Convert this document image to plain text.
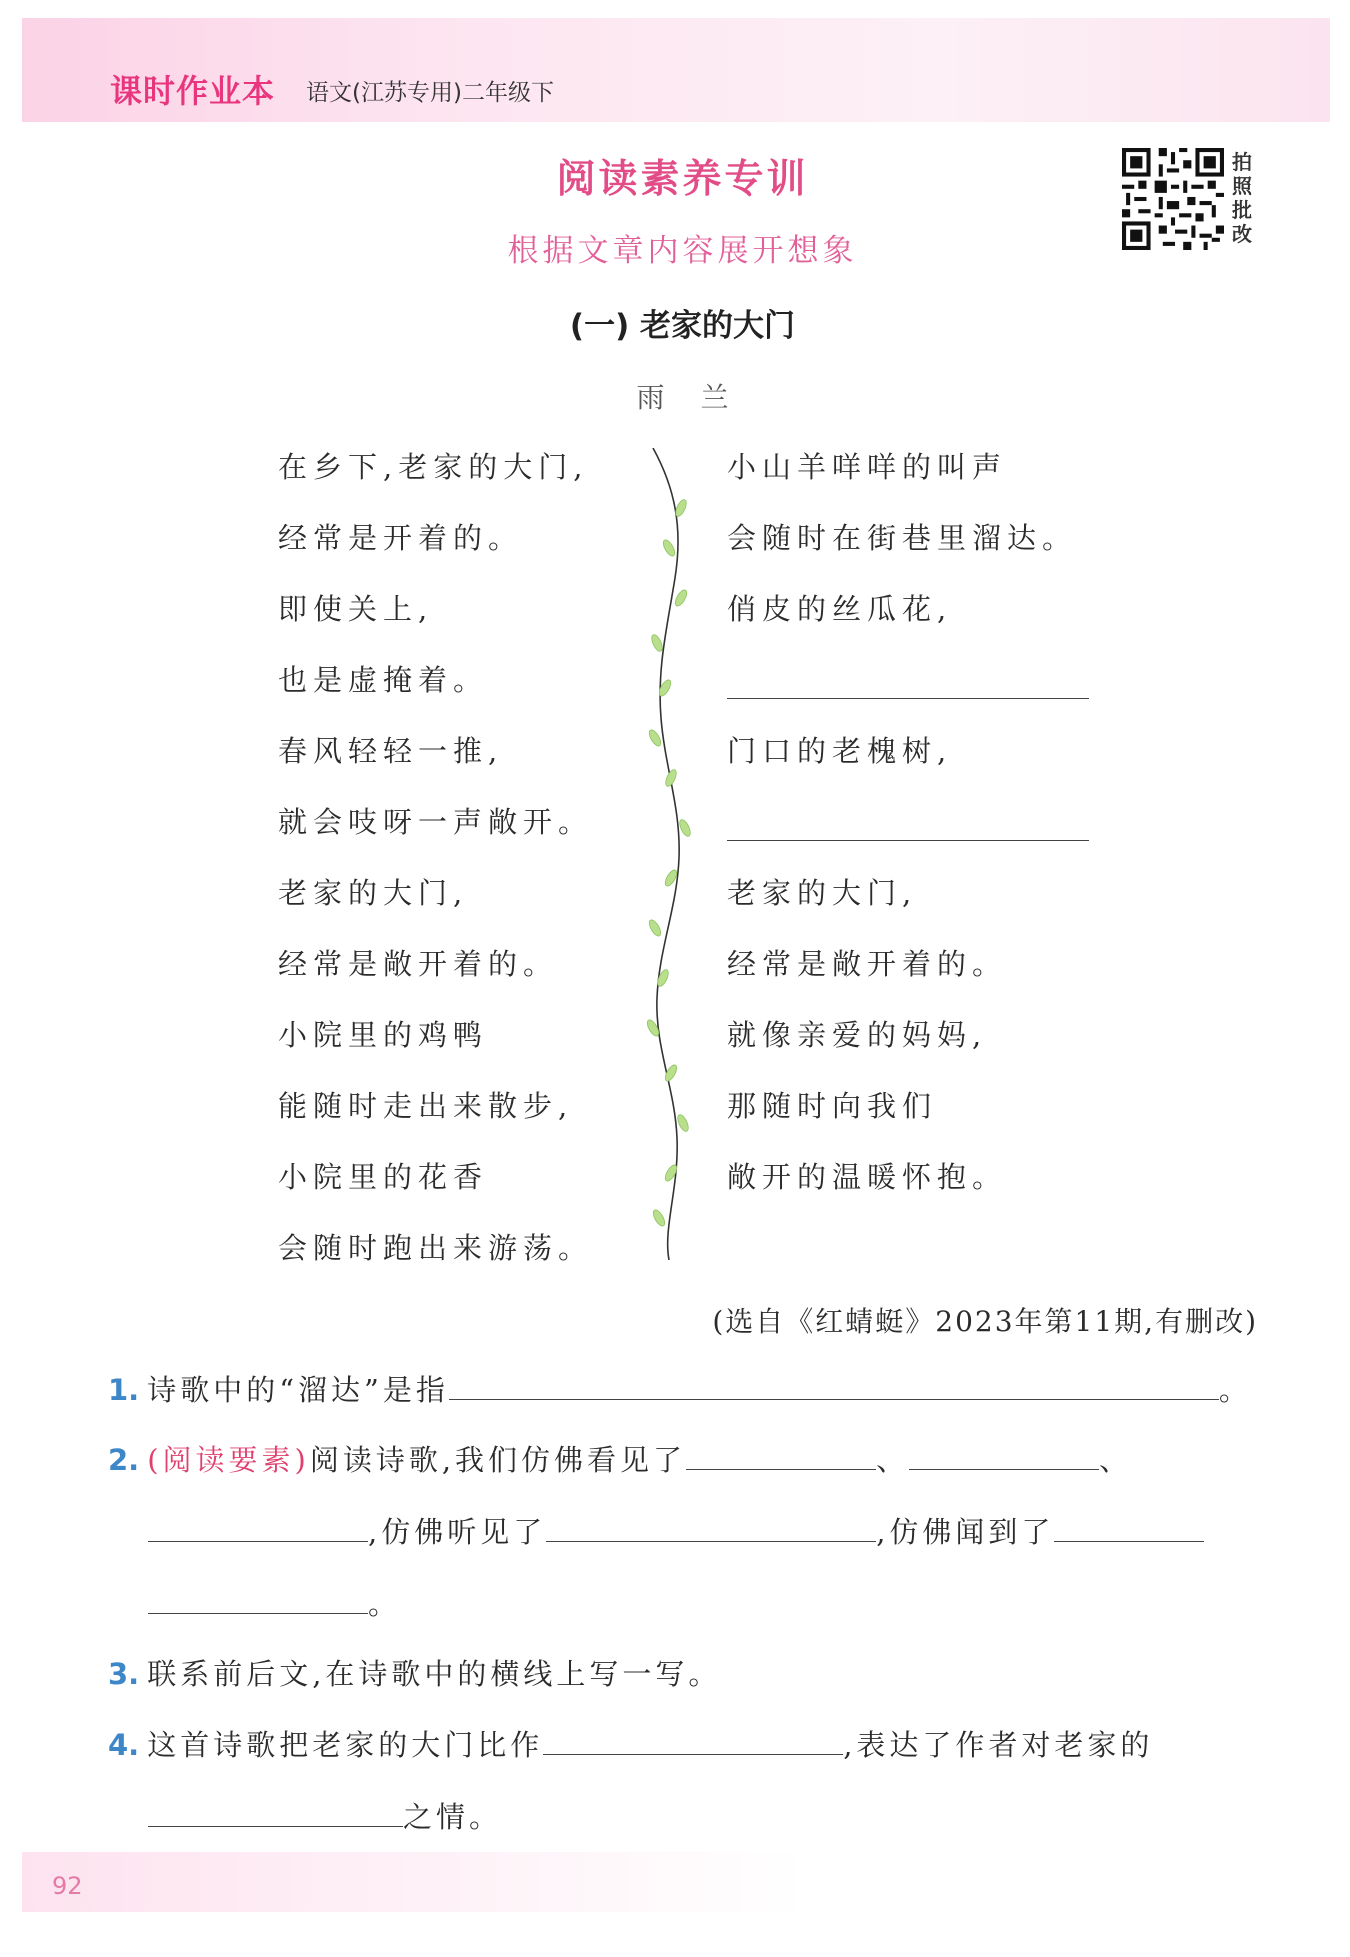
课时作业本 语文(江苏专用)二年级下
阅读素养专训
根据文章内容展开想象
拍照批改
(一) 老家的大门
雨兰
在乡下,老家的大门,
经常是开着的。
即使关上,
也是虚掩着。
春风轻轻一推,
就会吱呀一声敞开。
老家的大门,
经常是敞开着的。
小院里的鸡鸭
能随时走出来散步,
小院里的花香
会随时跑出来游荡。
小山羊咩咩的叫声
会随时在街巷里溜达。
俏皮的丝瓜花,
门口的老槐树,
老家的大门,
经常是敞开着的。
就像亲爱的妈妈,
那随时向我们
敞开的温暖怀抱。
(选自《红蜻蜓》2023年第11期,有删改)
1. 诗歌中的“溜达”是指	。
2. (阅读要素)阅读诗歌,我们仿佛看见了	、	、
,仿佛听见了	,仿佛闻到了
。
3. 联系前后文,在诗歌中的横线上写一写。
4. 这首诗歌把老家的大门比作	,表达了作者对老家的
之情。
92
